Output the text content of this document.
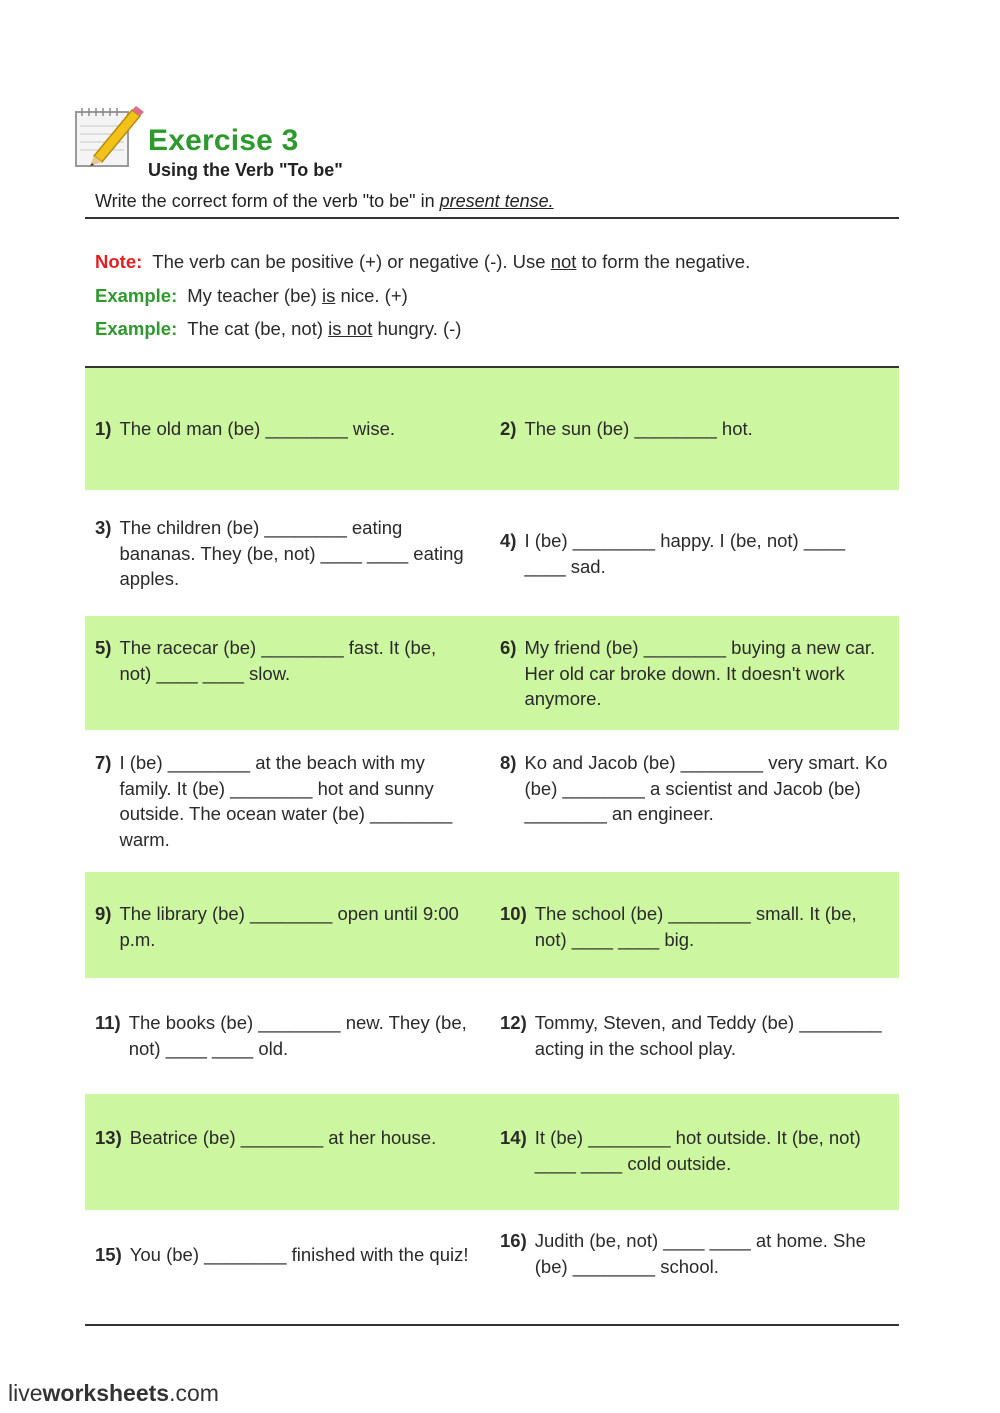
Exercise 3
Using the Verb "To be"
Write the correct form of the verb "to be" in present tense.
Note: The verb can be positive (+) or negative (-). Use not to form the negative.
Example: My teacher (be) is nice. (+)
Example: The cat (be, not) is not hungry. (-)
1) The old man (be) ________ wise.	2) The sun (be) ________ hot.
3) The children (be) ________ eating bananas. They (be, not) ____ ____ eating apples.
4) I (be) ________ happy. I (be, not) ____ ____ sad.
5) The racecar (be) ________ fast. It (be, not) ____ ____ slow.
6) My friend (be) ________ buying a new car. Her old car broke down. It doesn't work anymore.
7) I (be) ________ at the beach with my family. It (be) ________ hot and sunny outside. The ocean water (be) ________ warm.
8) Ko and Jacob (be) ________ very smart. Ko (be) ________ a scientist and Jacob (be) ________ an engineer.
9) The library (be) ________ open until 9:00 p.m.
10) The school (be) ________ small. It (be, not) ____ ____ big.
11) The books (be) ________ new. They (be, not) ____ ____ old.
12) Tommy, Steven, and Teddy (be) ________ acting in the school play.
13) Beatrice (be) ________ at her house.	14) It (be) ________ hot outside. It (be, not) ____ ____ cold outside.
15) You (be) ________ finished with the quiz!
16) Judith (be, not) ____ ____ at home. She (be) ________ school.
liveworksheets.com
